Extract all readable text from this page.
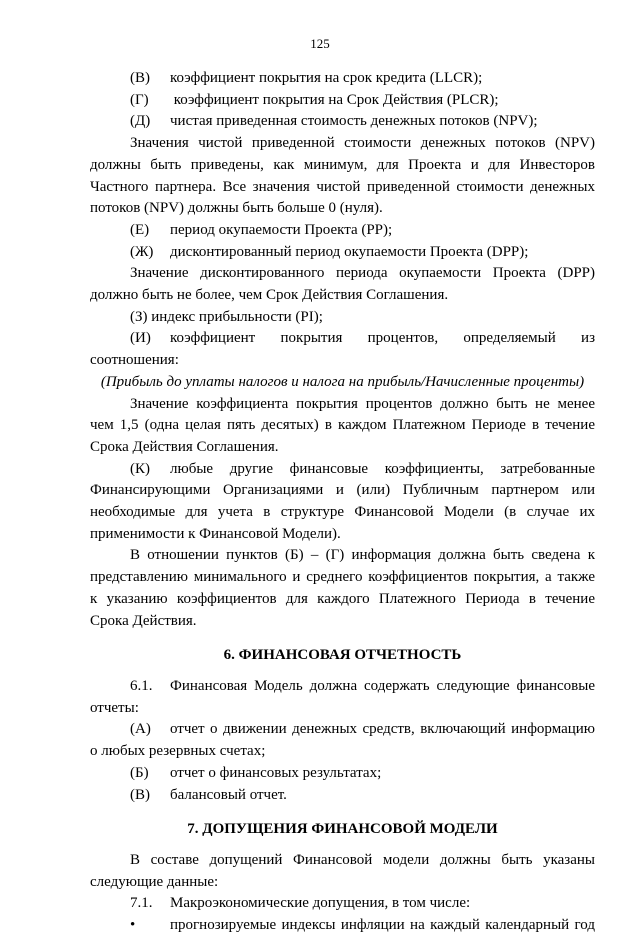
125

(В)	коэффициент покрытия на срок кредита (LLCR);

(Г)	коэффициент покрытия на Срок Действия (PLCR);

(Д)	чистая приведенная стоимость денежных потоков (NPV);

Значения чистой приведенной стоимости денежных потоков (NPV)

должны быть приведены, как минимум, для Проекта и для Инвесторов

Частного партнера. Все значения чистой приведенной стоимости денежных

потоков (NPV) должны быть больше 0 (нуля).

(Е)	период окупаемости Проекта (PP);

(Ж)	дисконтированный период окупаемости Проекта (DPP);

Значение дисконтированного периода окупаемости Проекта (DPP)

должно быть не более, чем Срок Действия Соглашения.

(З) индекс прибыльности (PI);

(И)	коэффициент покрытия процентов, определяемый из

соотношения:

(Прибыль до уплаты налогов и налога на прибыль/Начисленные проценты)

Значение коэффициента покрытия процентов должно быть не менее

чем 1,5 (одна целая пять десятых) в каждом Платежном Периоде в течение

Срока Действия Соглашения.

(К)	любые другие финансовые коэффициенты, затребованные

Финансирующими Организациями и (или) Публичным партнером или

необходимые для учета в структуре Финансовой Модели (в случае их

применимости к Финансовой Модели).

В отношении пунктов (Б) – (Г) информация должна быть сведена к

представлению минимального и среднего коэффициентов покрытия, а также

к указанию коэффициентов для каждого Платежного Периода в течение

Срока Действия.

6. ФИНАНСОВАЯ ОТЧЕТНОСТЬ

6.1.	Финансовая Модель должна содержать следующие финансовые

отчеты:

(А)	отчет о движении денежных средств, включающий информацию

о любых резервных счетах;

(Б)	отчет о финансовых результатах;

(В)	балансовый отчет.

7. ДОПУЩЕНИЯ ФИНАНСОВОЙ МОДЕЛИ

В составе допущений Финансовой модели должны быть указаны

следующие данные:

7.1.	Макроэкономические допущения, в том числе:

•	прогнозируемые индексы инфляции на каждый календарный год
